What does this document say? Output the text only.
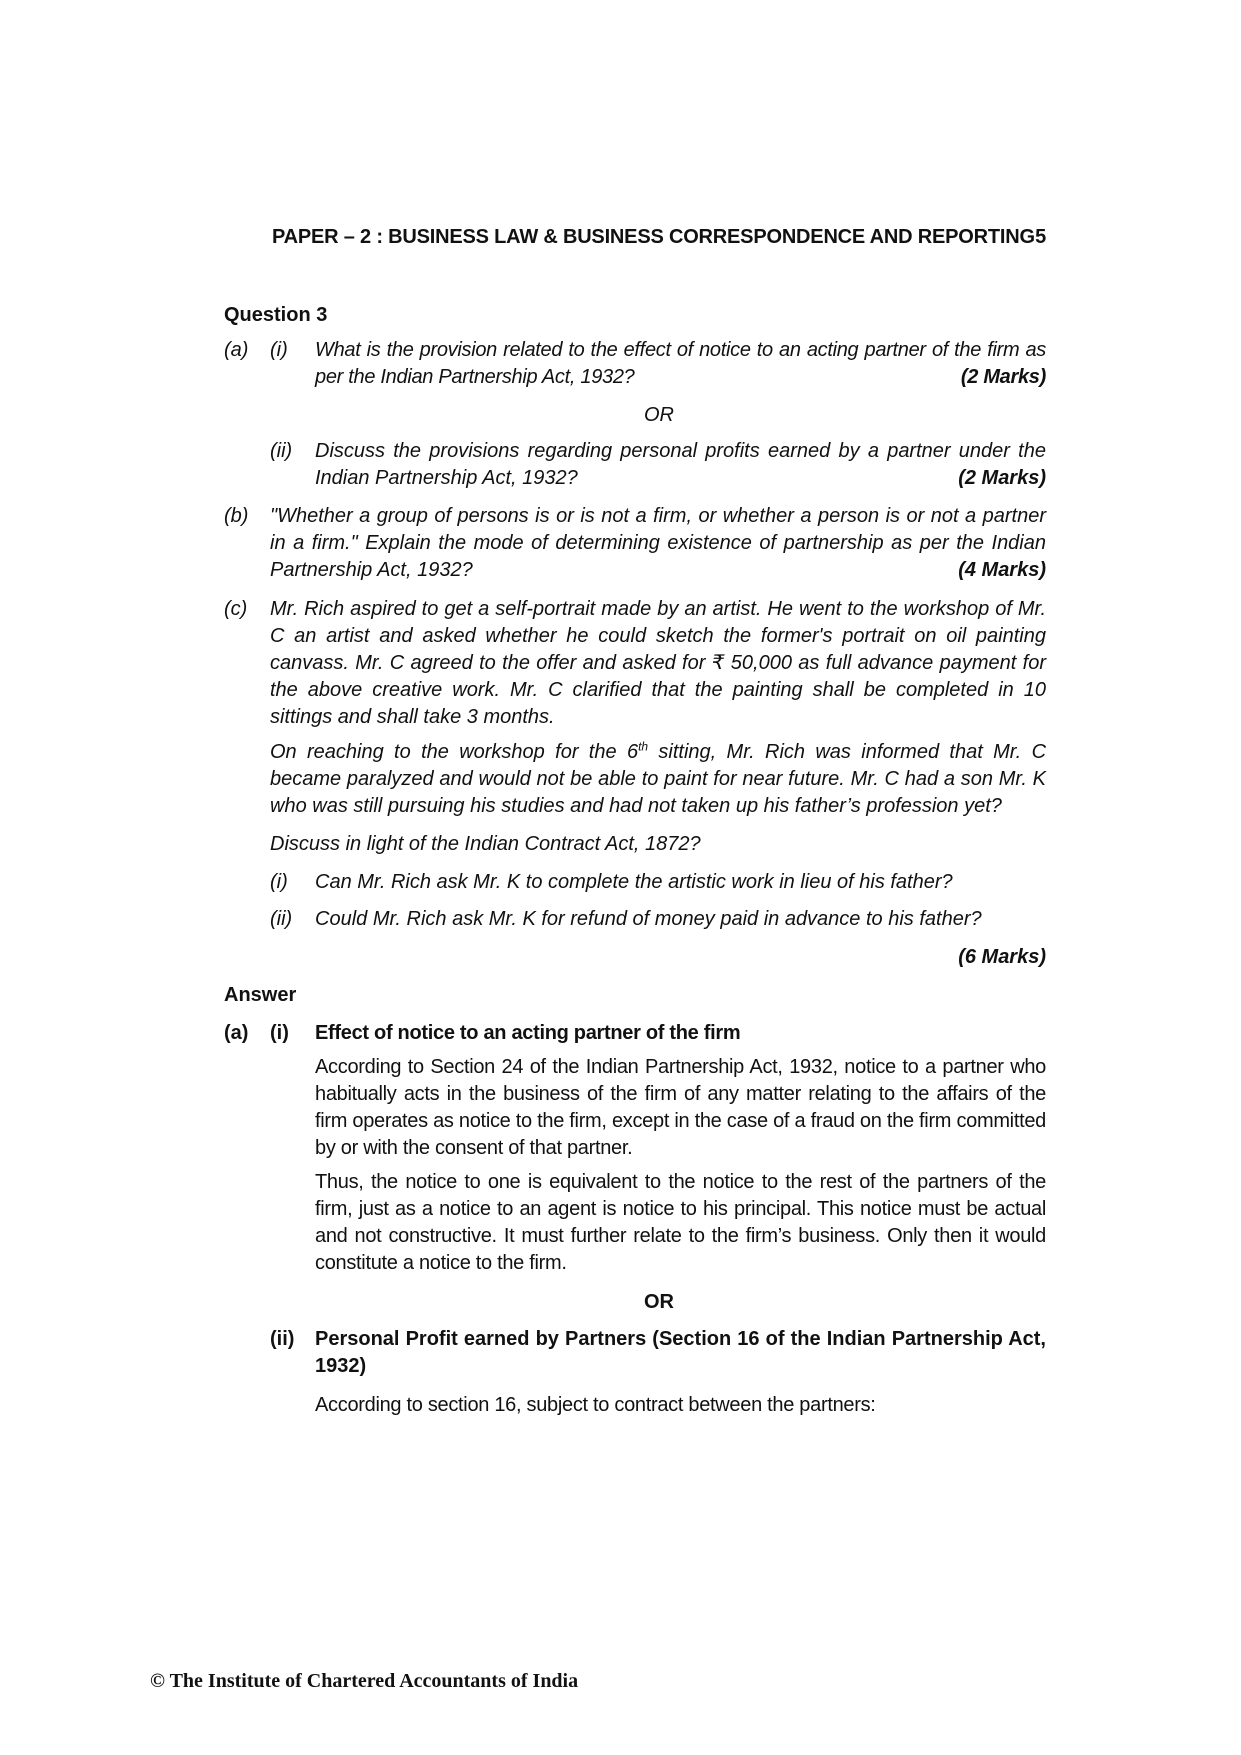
PAPER – 2 : BUSINESS LAW & BUSINESS CORRESPONDENCE AND REPORTING 5
Question 3
(a) (i) What is the provision related to the effect of notice to an acting partner of the firm as per the Indian Partnership Act, 1932?	(2 Marks)
OR
(ii) Discuss the provisions regarding personal profits earned by a partner under the Indian Partnership Act, 1932?	(2 Marks)
(b) "Whether a group of persons is or is not a firm, or whether a person is or not a partner in a firm." Explain the mode of determining existence of partnership as per the Indian Partnership Act, 1932?	(4 Marks)
(c) Mr. Rich aspired to get a self-portrait made by an artist. He went to the workshop of Mr. C an artist and asked whether he could sketch the former's portrait on oil painting canvass. Mr. C agreed to the offer and asked for ₹ 50,000 as full advance payment for the above creative work. Mr. C clarified that the painting shall be completed in 10 sittings and shall take 3 months.
On reaching to the workshop for the 6th sitting, Mr. Rich was informed that Mr. C became paralyzed and would not be able to paint for near future. Mr. C had a son Mr. K who was still pursuing his studies and had not taken up his father’s profession yet?
Discuss in light of the Indian Contract Act, 1872?
(i) Can Mr. Rich ask Mr. K to complete the artistic work in lieu of his father?
(ii) Could Mr. Rich ask Mr. K for refund of money paid in advance to his father?
(6 Marks)
Answer
(a) (i) Effect of notice to an acting partner of the firm
According to Section 24 of the Indian Partnership Act, 1932, notice to a partner who habitually acts in the business of the firm of any matter relating to the affairs of the firm operates as notice to the firm, except in the case of a fraud on the firm committed by or with the consent of that partner.
Thus, the notice to one is equivalent to the notice to the rest of the partners of the firm, just as a notice to an agent is notice to his principal. This notice must be actual and not constructive. It must further relate to the firm’s business. Only then it would constitute a notice to the firm.
OR
(ii) Personal Profit earned by Partners (Section 16 of the Indian Partnership Act, 1932)
According to section 16, subject to contract between the partners:
© The Institute of Chartered Accountants of India
